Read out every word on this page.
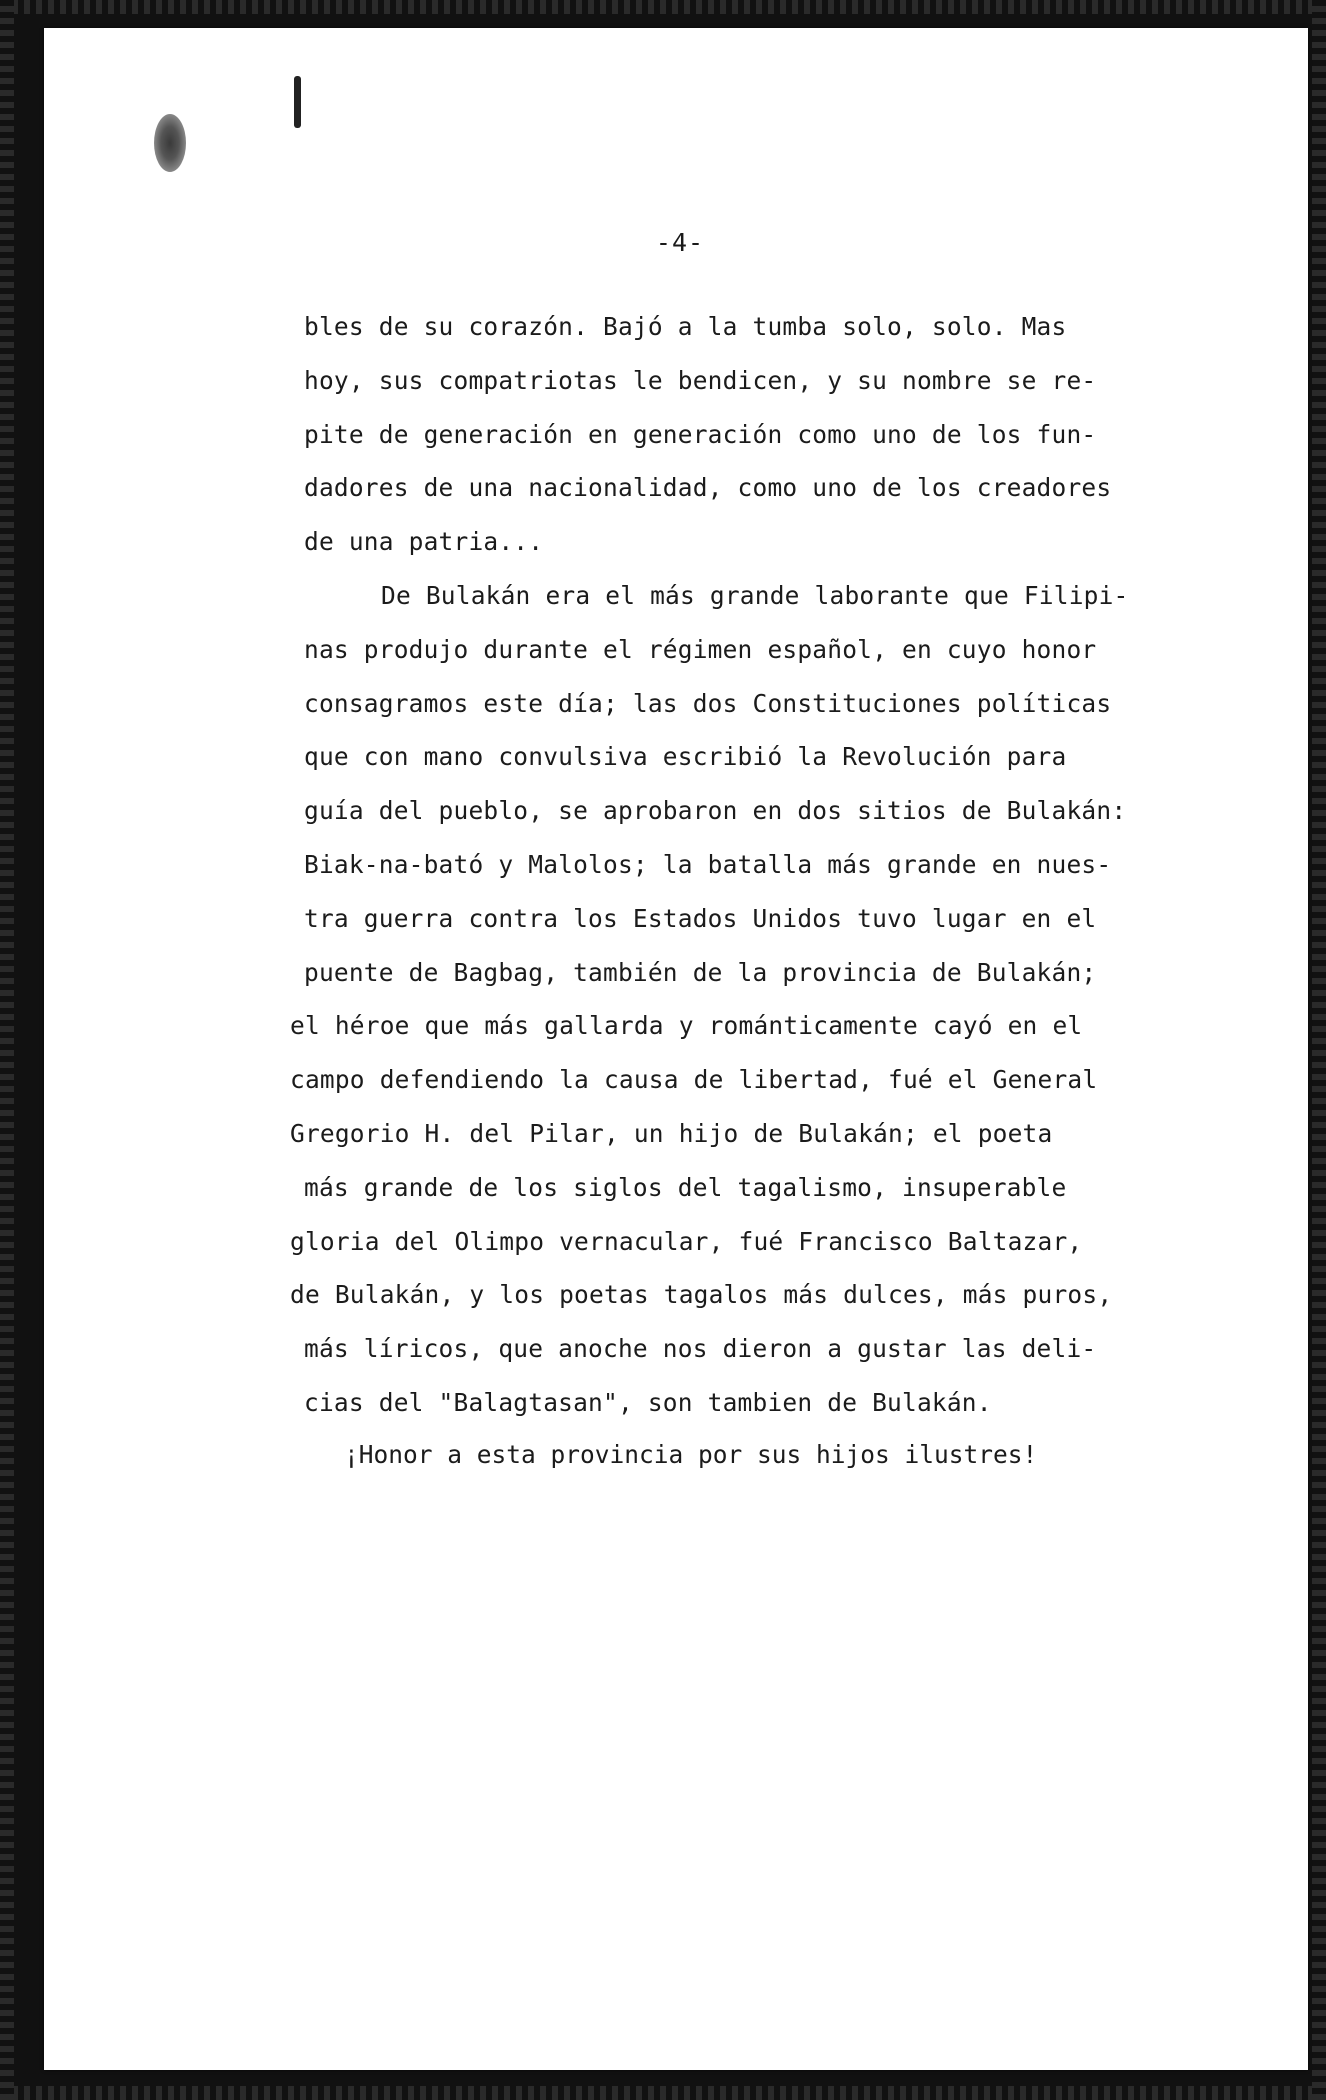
-4-
bles de su corazón. Bajó a la tumba solo, solo. Mas
hoy, sus compatriotas le bendicen, y su nombre se re-
pite de generación en generación como uno de los fun-
dadores de una nacionalidad, como uno de los creadores
de una patria...
De Bulakán era el más grande laborante que Filipi-
nas produjo durante el régimen español, en cuyo honor
consagramos este día; las dos Constituciones políticas
que con mano convulsiva escribió la Revolución para
guía del pueblo, se aprobaron en dos sitios de Bulakán:
Biak-na-bató y Malolos; la batalla más grande en nues-
tra guerra contra los Estados Unidos tuvo lugar en el
puente de Bagbag, también de la provincia de Bulakán;
el héroe que más gallarda y románticamente cayó en el
campo defendiendo la causa de libertad, fué el General
Gregorio H. del Pilar, un hijo de Bulakán; el poeta
más grande de los siglos del tagalismo, insuperable
gloria del Olimpo vernacular, fué Francisco Baltazar,
de Bulakán, y los poetas tagalos más dulces, más puros,
más líricos, que anoche nos dieron a gustar las deli-
cias del "Balagtasan", son tambien de Bulakán.
¡Honor a esta provincia por sus hijos ilustres!
